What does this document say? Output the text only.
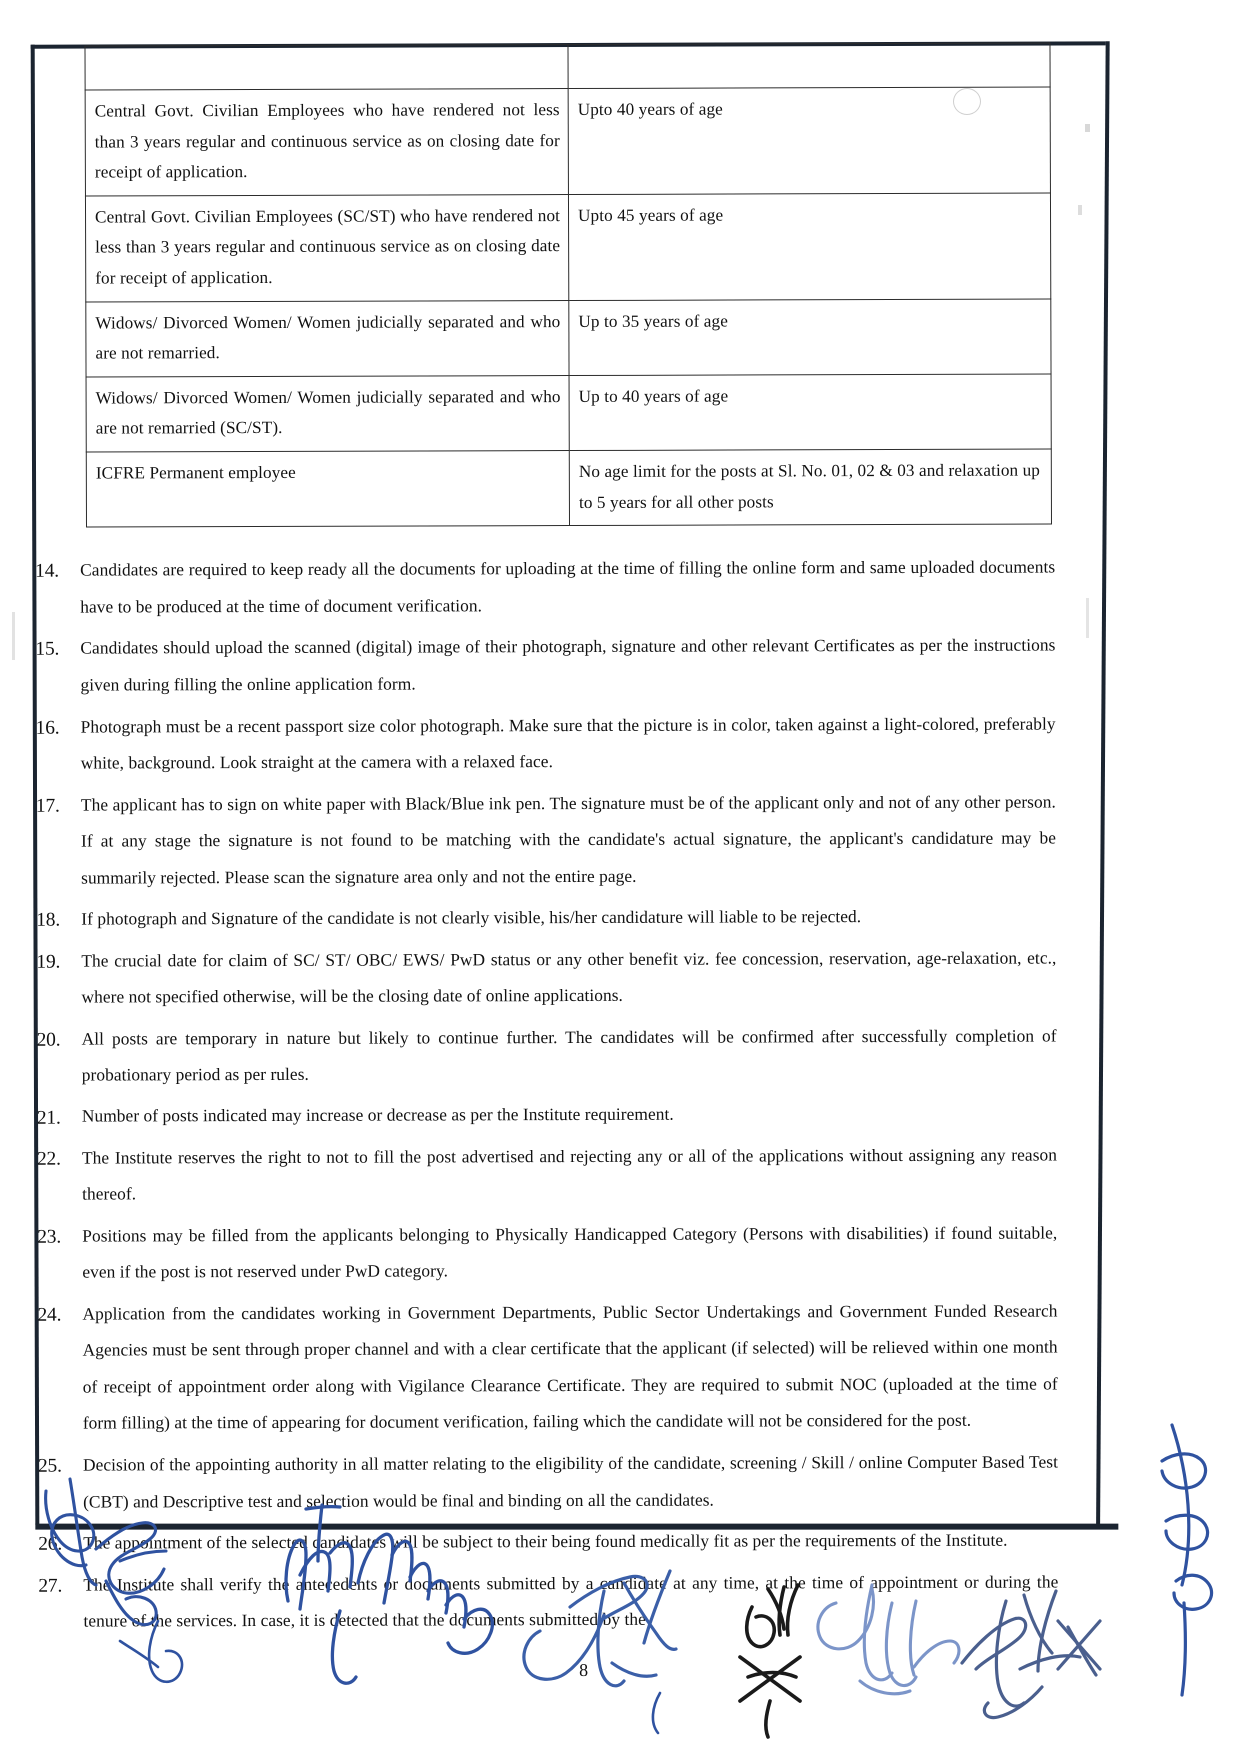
Central Govt. Civilian Employees who have rendered not less than 3 years regular and continuous service as on closing date for receipt of application.	Upto 40 years of age
Central Govt. Civilian Employees (SC/ST) who have rendered not less than 3 years regular and continuous service as on closing date for receipt of application.	Upto 45 years of age
Widows/ Divorced Women/ Women judicially separated and who are not remarried.	Up to 35 years of age
Widows/ Divorced Women/ Women judicially separated and who are not remarried (SC/ST).	Up to 40 years of age
ICFRE Permanent employee	No age limit for the posts at Sl. No. 01, 02 & 03 and relaxation up to 5 years for all other posts
14.	Candidates are required to keep ready all the documents for uploading at the time of filling the online form and same uploaded documents have to be produced at the time of document verification.
15.	Candidates should upload the scanned (digital) image of their photograph, signature and other relevant Certificates as per the instructions given during filling the online application form.
16.	Photograph must be a recent passport size color photograph. Make sure that the picture is in color, taken against a light-colored, preferably white, background. Look straight at the camera with a relaxed face.
17.	The applicant has to sign on white paper with Black/Blue ink pen. The signature must be of the applicant only and not of any other person. If at any stage the signature is not found to be matching with the candidate's actual signature, the applicant's candidature may be summarily rejected. Please scan the signature area only and not the entire page.
18.	If photograph and Signature of the candidate is not clearly visible, his/her candidature will liable to be rejected.
19.	The crucial date for claim of SC/ ST/ OBC/ EWS/ PwD status or any other benefit viz. fee concession, reservation, age-relaxation, etc., where not specified otherwise, will be the closing date of online applications.
20.	All posts are temporary in nature but likely to continue further. The candidates will be confirmed after successfully completion of probationary period as per rules.
21.	Number of posts indicated may increase or decrease as per the Institute requirement.
22.	The Institute reserves the right to not to fill the post advertised and rejecting any or all of the applications without assigning any reason thereof.
23.	Positions may be filled from the applicants belonging to Physically Handicapped Category (Persons with disabilities) if found suitable, even if the post is not reserved under PwD category.
24.	Application from the candidates working in Government Departments, Public Sector Undertakings and Government Funded Research Agencies must be sent through proper channel and with a clear certificate that the applicant (if selected) will be relieved within one month of receipt of appointment order along with Vigilance Clearance Certificate. They are required to submit NOC (uploaded at the time of form filling) at the time of appearing for document verification, failing which the candidate will not be considered for the post.
25.	Decision of the appointing authority in all matter relating to the eligibility of the candidate, screening / Skill / online Computer Based Test (CBT) and Descriptive test and selection would be final and binding on all the candidates.
26.	The appointment of the selected candidates will be subject to their being found medically fit as per the requirements of the Institute.
27.	The Institute shall verify the antecedents or documents submitted by a candidate at any time, at the time of appointment or during the tenure of the services. In case, it is detected that the documents submitted by the
8
